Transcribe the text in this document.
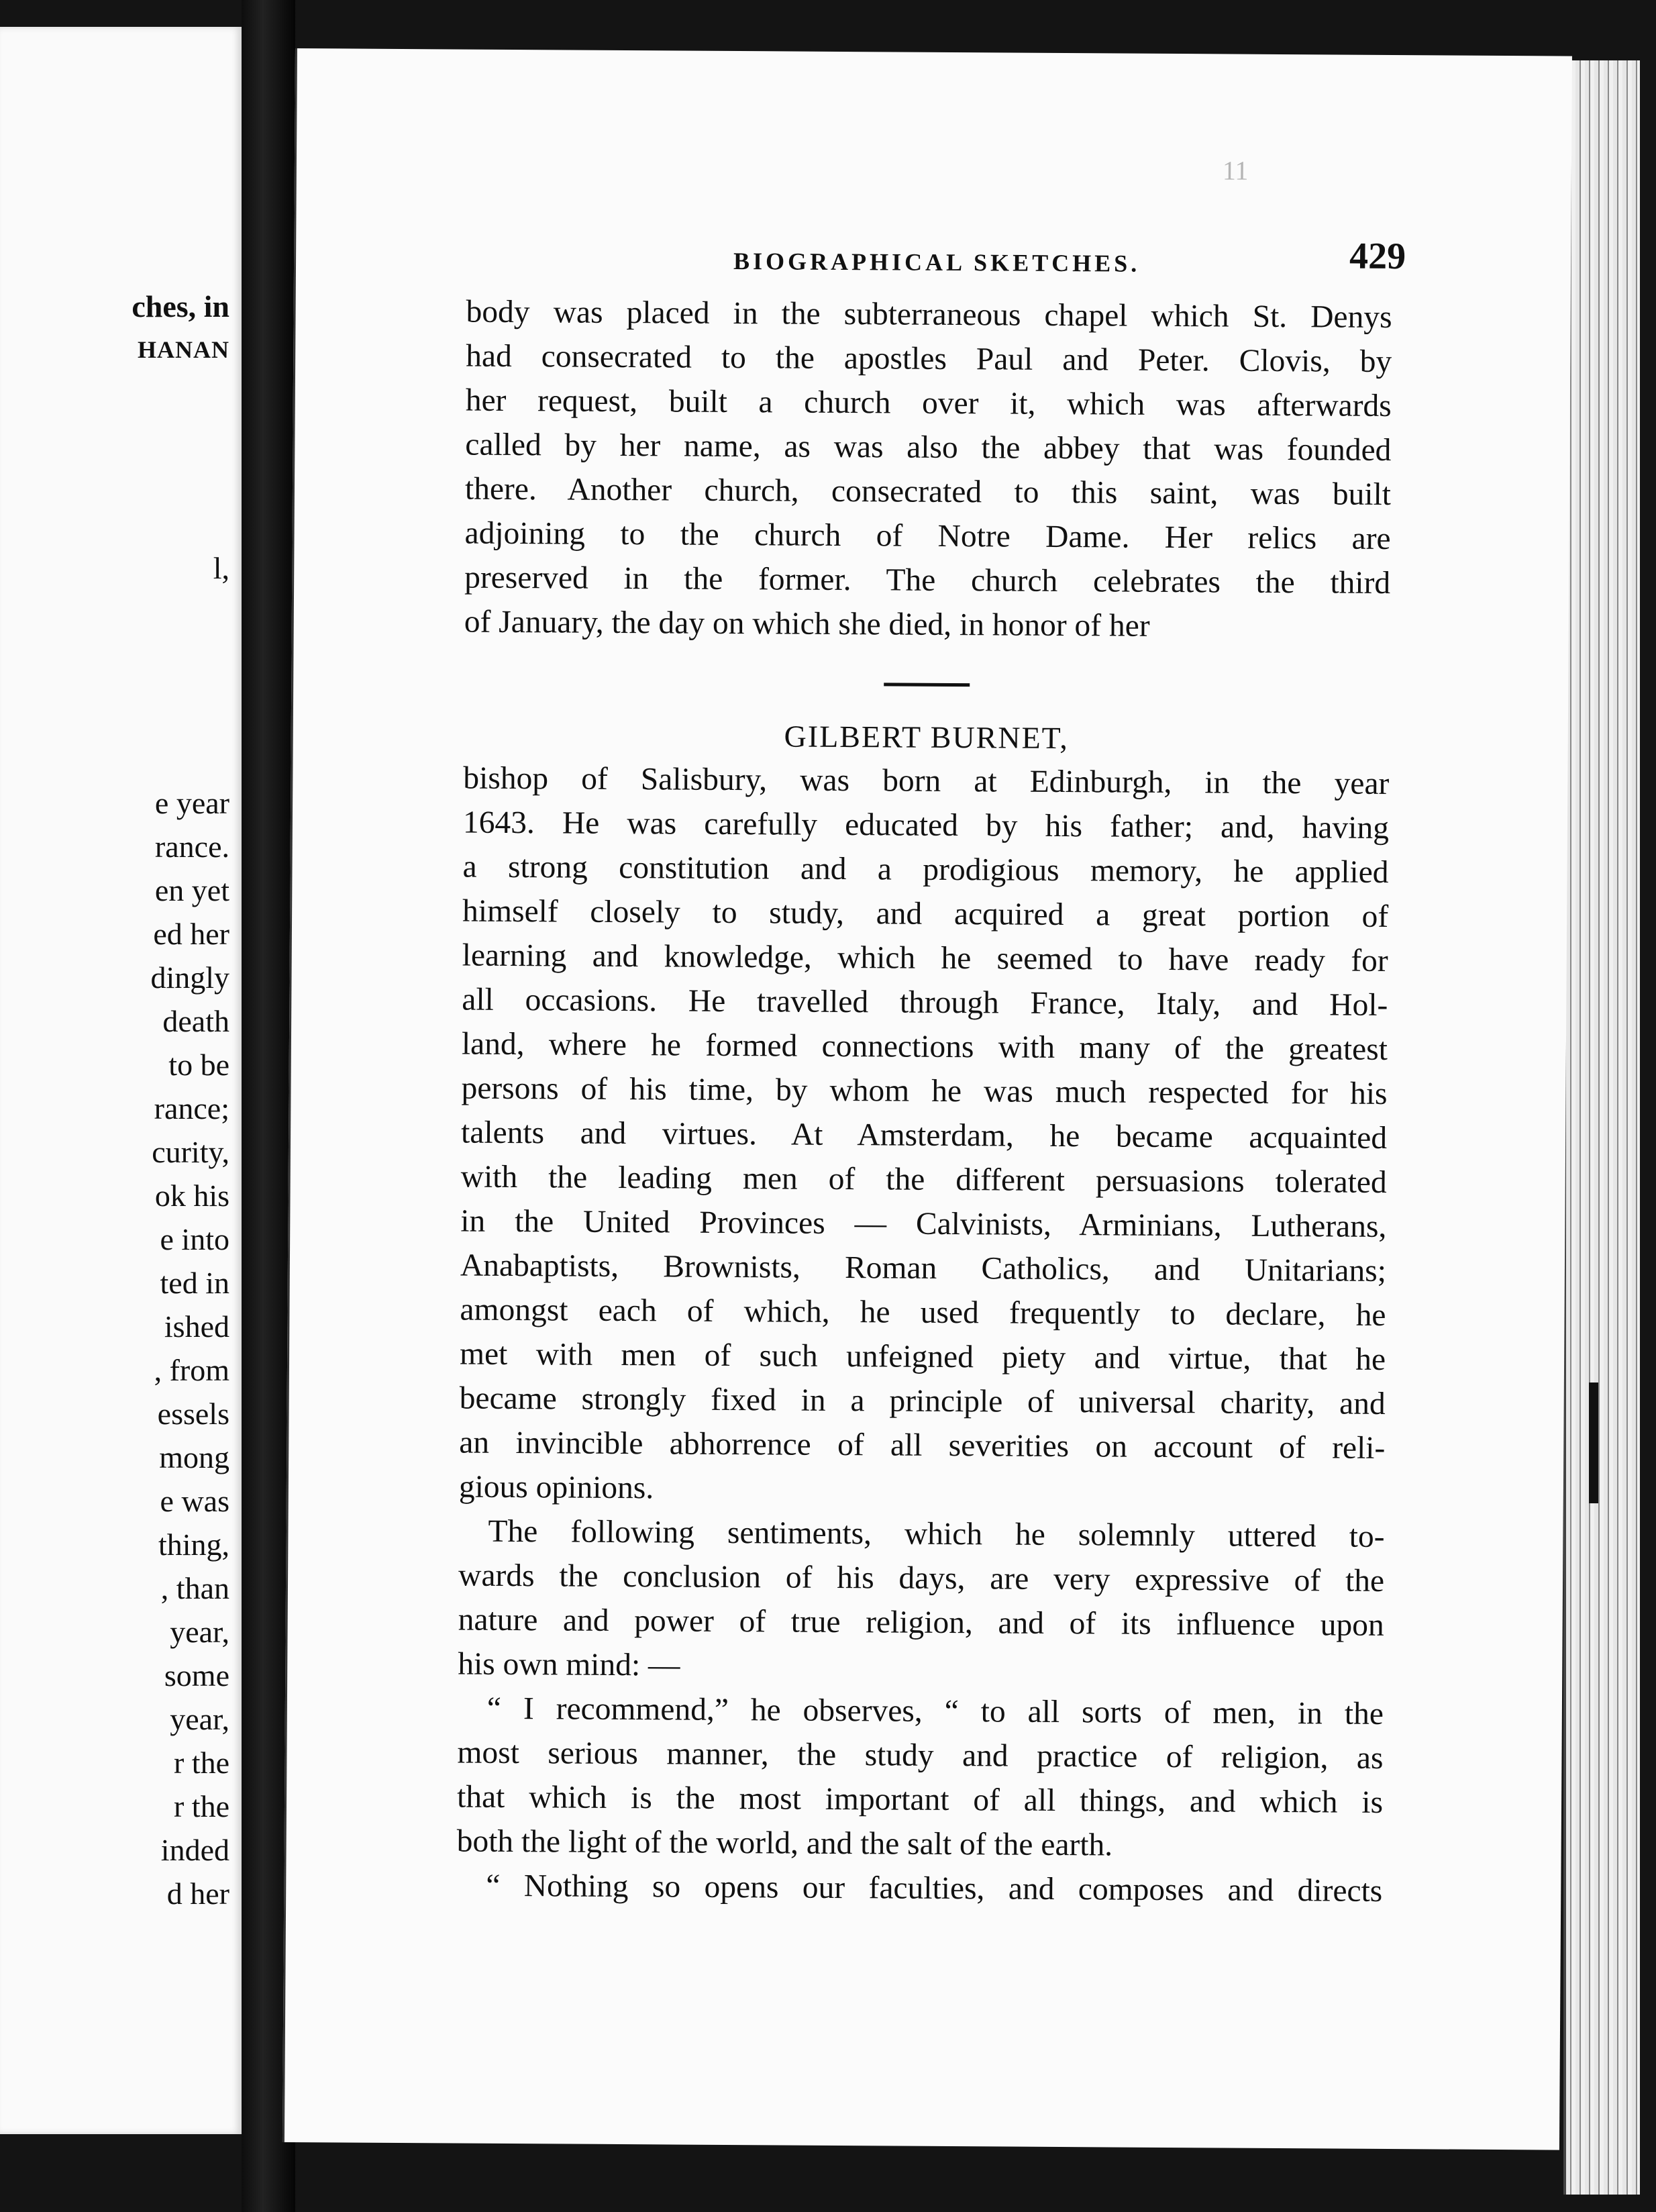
ches, in
HANAN
l,
e year
rance.
en yet
ed her
dingly
death
to be
rance;
curity,
ok his
e into
ted in
ished
, from
essels
mong
e was
thing,
, than
year,
some
year,
r the
r the
inded
d her
11
BIOGRAPHICAL SKETCHES.	429
body was placed in the subterraneous chapel which St. Denys
had consecrated to the apostles Paul and Peter. Clovis, by
her request, built a church over it, which was afterwards
called by her name, as was also the abbey that was founded
there. Another church, consecrated to this saint, was built
adjoining to the church of Notre Dame. Her relics are
preserved in the former. The church celebrates the third
of January, the day on which she died, in honor of her
GILBERT BURNET,
bishop of Salisbury, was born at Edinburgh, in the year
1643. He was carefully educated by his father; and, having
a strong constitution and a prodigious memory, he applied
himself closely to study, and acquired a great portion of
learning and knowledge, which he seemed to have ready for
all occasions. He travelled through France, Italy, and Hol-
land, where he formed connections with many of the greatest
persons of his time, by whom he was much respected for his
talents and virtues. At Amsterdam, he became acquainted
with the leading men of the different persuasions tolerated
in the United Provinces — Calvinists, Arminians, Lutherans,
Anabaptists, Brownists, Roman Catholics, and Unitarians;
amongst each of which, he used frequently to declare, he
met with men of such unfeigned piety and virtue, that he
became strongly fixed in a principle of universal charity, and
an invincible abhorrence of all severities on account of reli-
gious opinions.
The following sentiments, which he solemnly uttered to-
wards the conclusion of his days, are very expressive of the
nature and power of true religion, and of its influence upon
his own mind: —
“ I recommend,” he observes, “ to all sorts of men, in the
most serious manner, the study and practice of religion, as
that which is the most important of all things, and which is
both the light of the world, and the salt of the earth.
“ Nothing so opens our faculties, and composes and directs
